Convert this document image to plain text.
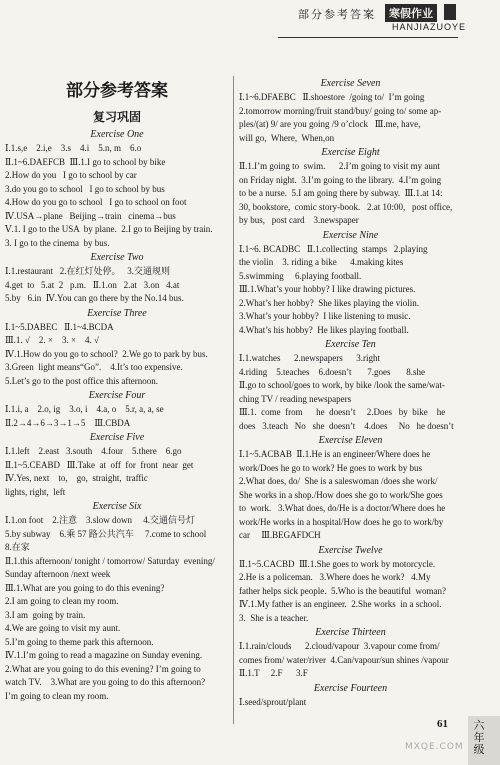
部分参考答案	寒假作业
HANJIAZUOYE
部分参考答案
复习巩固
Exercise One
Ⅰ.1.s,e    2.i,e    3.s    4.i    5.n, m    6.o
Ⅱ.1~6.DAEFCB  Ⅲ.1.I go to school by bike
2.How do you   I go to school by car
3.do you go to school   I go to school by bus
4.How do you go to school   I go to school on foot
Ⅳ.USA→plane   Beijing→train   cinema→bus
Ⅴ.1. I go to the USA  by plane.  2.I go to Beijing by train.
3. I go to the cinema  by bus.
Exercise Two
Ⅰ.1.restaurant   2.在红灯处停。   3.交通规则
4.get  to   5.at  2   p.m.   Ⅱ.1.on   2.at   3.on   4.at
5.by   6.in  Ⅳ.You can go there by the No.14 bus.
Exercise Three
Ⅰ.1~5.DABEC   Ⅱ.1~4.BCDA
Ⅲ.1. √    2. ×    3. ×    4. √
Ⅳ.1.How do you go to school?  2.We go to park by bus.
3.Green  light means“Go”.    4.It’s too expensive.
5.Let’s go to the post office this afternoon.
Exercise Four
Ⅰ.1.i, a    2.o, ig    3.o, i    4.a, o    5.r, a, a, se
Ⅱ.2→4→6→3→1→5    Ⅲ.CBDA
Exercise Five
Ⅰ.1.left    2.east   3.south    4.four    5.there    6.go
Ⅱ.1~5.CEABD   Ⅲ.Take  at  off  for  front  near  get
Ⅳ.Yes, next    to,    go,  straight,  traffic
lights, right,  left
Exercise Six
Ⅰ.1.on foot    2.注意    3.slow down     4.交通信号灯
5.by subway    6.乘 57 路公共汽车     7.come to school
8.在家
Ⅱ.1.this afternoon/ tonight / tomorrow/ Saturday  evening/
Sunday afternoon /next week
Ⅲ.1.What are you going to do this evening?
2.I am going to clean my room.
3.I am  going by train.
4.We are going to visit my aunt.
5.I’m going to theme park this afternoon.
Ⅳ.1.I’m going to read a magazine on Sunday evening.
2.What are you going to do this evening? I’m going to
watch TV.    3.What are you going to do this afternoon?
I’m going to clean my room.
Exercise Seven
Ⅰ.1~6.DFAEBC   Ⅱ.shoestore  /going to/  I’m going
2.tomorrow morning/fruit stand/buy/ going to/ some ap-
ples/(at) 9/ are you going /9 o’clock   Ⅲ.me, have,
will go,  Where,  When,on
Exercise Eight
Ⅱ.1.I’m going to  swim.      2.I’m going to visit my aunt
on Friday night.  3.I’m going to the library.  4.I’m going
to be a nurse.  5.I am going there by subway.  Ⅲ.1.at 14:
30, bookstore,  comic story-book.   2.at 10:00,   post office,
by bus,   post card    3.newspaper
Exercise Nine
Ⅰ.1~6. BCADBC   Ⅱ.1.collecting  stamps   2.playing
the violin    3. riding a bike      4.making kites
5.swimming     6.playing football.
Ⅲ.1.What’s your hobby? I like drawing pictures.
2.What’s her hobby?  She likes playing the violin.
3.What’s your hobby?  I like listening to music.
4.What’s his hobby?  He likes playing football.
Exercise Ten
Ⅰ.1.watches      2.newspapers      3.right
4.riding    5.teaches    6.doesn’t       7.goes       8.she
Ⅱ.go to school/goes to work, by bike /look the same/wat-
ching TV / reading newspapers
Ⅲ.1.  come  from      he  doesn’t     2.Does   by  bike    he
does   3.teach   No   she  doesn’t    4.does     No   he doesn’t
Exercise Eleven
Ⅰ.1~5.ACBAB  Ⅱ.1.He is an engineer/Where does he
work/Does he go to work? He goes to work by bus
2.What does, do/  She is a saleswoman /does she work/
She works in a shop./How does she go to work/She goes
to  work.   3.What does, do/He is a doctor/Where does he
work/He works in a hospital/How does he go to work/by
car     Ⅲ.BEGAFDCH
Exercise Twelve
Ⅱ.1~5.CACBD  Ⅲ.1.She goes to work by motorcycle.
2.He is a policeman.   3.Where does he work?   4.My
father helps sick people.  5.Who is the beautiful  woman?
Ⅳ.1.My father is an engineer.  2.She works  in a school.
3.  She is a teacher.
Exercise Thirteen
Ⅰ.1.rain/clouds      2.cloud/vapour  3.vapour come from/
comes from/ water/river  4.Can/vapour/sun shines /vapour
Ⅱ.1.T     2.F      3.F
Exercise Fourteen
Ⅰ.seed/sprout/plant
61 六年级
MXQE.COM
